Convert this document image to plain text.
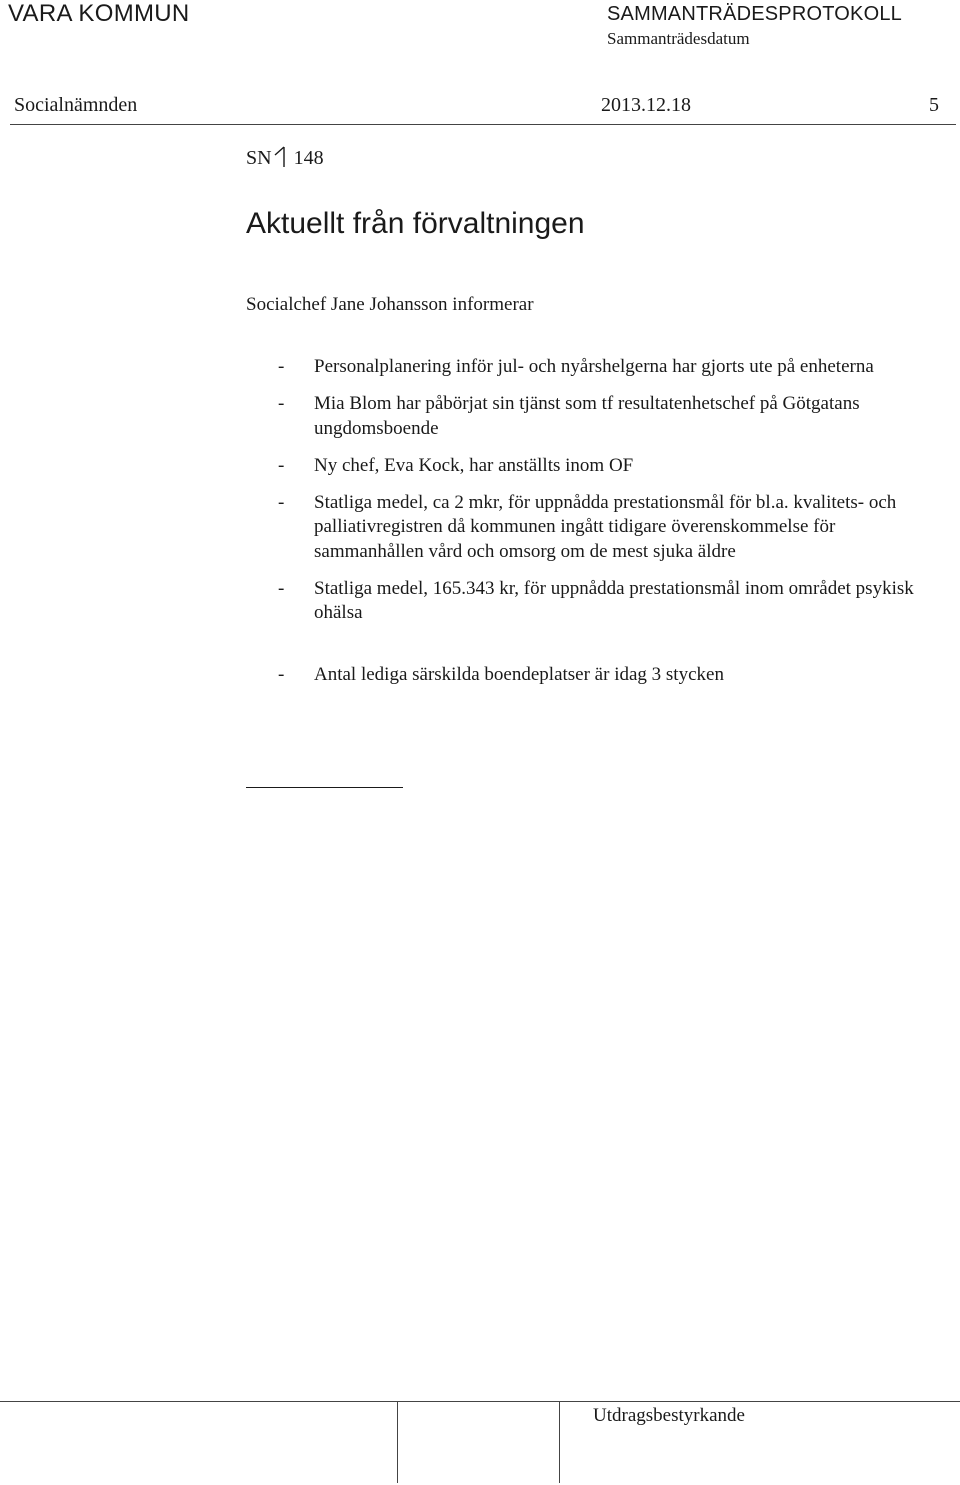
VARA KOMMUN	SAMMANTRÄDESPROTOKOLL
Sammanträdesdatum
Socialnämnden	2013.12.18	5
SN 148
Aktuellt från förvaltningen
Socialchef Jane Johansson informerar
- Personalplanering inför jul- och nyårshelgerna har gjorts ute på enheterna
- Mia Blom har påbörjat sin tjänst som tf resultatenhetschef på Götgatans ungdomsboende
- Ny chef, Eva Kock, har anställts inom OF
- Statliga medel, ca 2 mkr, för uppnådda prestationsmål för bl.a. kvalitets- och palliativregistren då kommunen ingått tidigare överenskommelse för sammanhållen vård och omsorg om de mest sjuka äldre
- Statliga medel, 165.343 kr, för uppnådda prestationsmål inom området psykisk ohälsa
- Antal lediga särskilda boendeplatser är idag 3 stycken
Utdragsbestyrkande
